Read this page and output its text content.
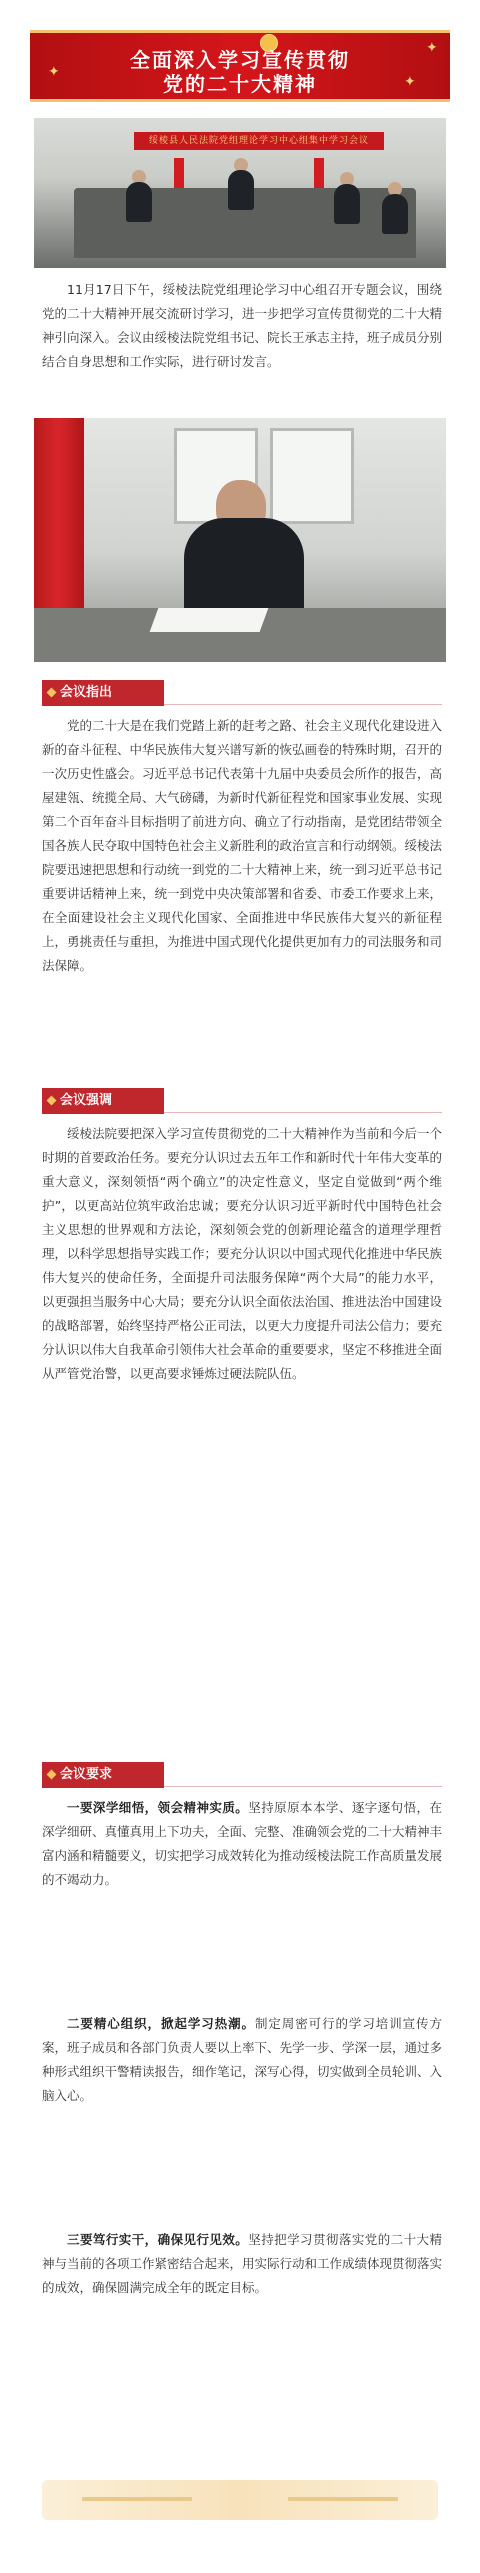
✦
✦
✦
全面深入学习宣传贯彻
党的二十大精神
绥棱县人民法院党组理论学习中心组集中学习会议

11月17日下午，绥棱法院党组理论学习中心组召开专题会议，围绕党的二十大精神开展交流研讨学习，进一步把学习宣传贯彻党的二十大精神引向深入。会议由绥棱法院党组书记、院长王承志主持，班子成员分别结合自身思想和工作实际，进行研讨发言。

会议指出

党的二十大是在我们党踏上新的赶考之路、社会主义现代化建设进入新的奋斗征程、中华民族伟大复兴谱写新的恢弘画卷的特殊时期，召开的一次历史性盛会。习近平总书记代表第十九届中央委员会所作的报告，高屋建瓴、统揽全局、大气磅礴，为新时代新征程党和国家事业发展、实现第二个百年奋斗目标指明了前进方向、确立了行动指南，是党团结带领全国各族人民夺取中国特色社会主义新胜利的政治宣言和行动纲领。绥棱法院要迅速把思想和行动统一到党的二十大精神上来，统一到习近平总书记重要讲话精神上来，统一到党中央决策部署和省委、市委工作要求上来，在全面建设社会主义现代化国家、全面推进中华民族伟大复兴的新征程上，勇挑责任与重担，为推进中国式现代化提供更加有力的司法服务和司法保障。

会议强调

绥棱法院要把深入学习宣传贯彻党的二十大精神作为当前和今后一个时期的首要政治任务。要充分认识过去五年工作和新时代十年伟大变革的重大意义，深刻领悟“两个确立”的决定性意义，坚定自觉做到“两个维护”，以更高站位筑牢政治忠诚；要充分认识习近平新时代中国特色社会主义思想的世界观和方法论，深刻领会党的创新理论蕴含的道理学理哲理，以科学思想指导实践工作；要充分认识以中国式现代化推进中华民族伟大复兴的使命任务，全面提升司法服务保障“两个大局”的能力水平，以更强担当服务中心大局；要充分认识全面依法治国、推进法治中国建设的战略部署，始终坚持严格公正司法，以更大力度提升司法公信力；要充分认识以伟大自我革命引领伟大社会革命的重要要求，坚定不移推进全面从严管党治警，以更高要求锤炼过硬法院队伍。

会议要求

一要深学细悟，领会精神实质。坚持原原本本学、逐字逐句悟，在深学细研、真懂真用上下功夫，全面、完整、准确领会党的二十大精神丰富内涵和精髓要义，切实把学习成效转化为推动绥棱法院工作高质量发展的不竭动力。

二要精心组织，掀起学习热潮。制定周密可行的学习培训宣传方案，班子成员和各部门负责人要以上率下、先学一步、学深一层，通过多种形式组织干警精读报告，细作笔记，深写心得，切实做到全员轮训、入脑入心。

三要笃行实干，确保见行见效。坚持把学习贯彻落实党的二十大精神与当前的各项工作紧密结合起来，用实际行动和工作成绩体现贯彻落实的成效，确保圆满完成全年的既定目标。
